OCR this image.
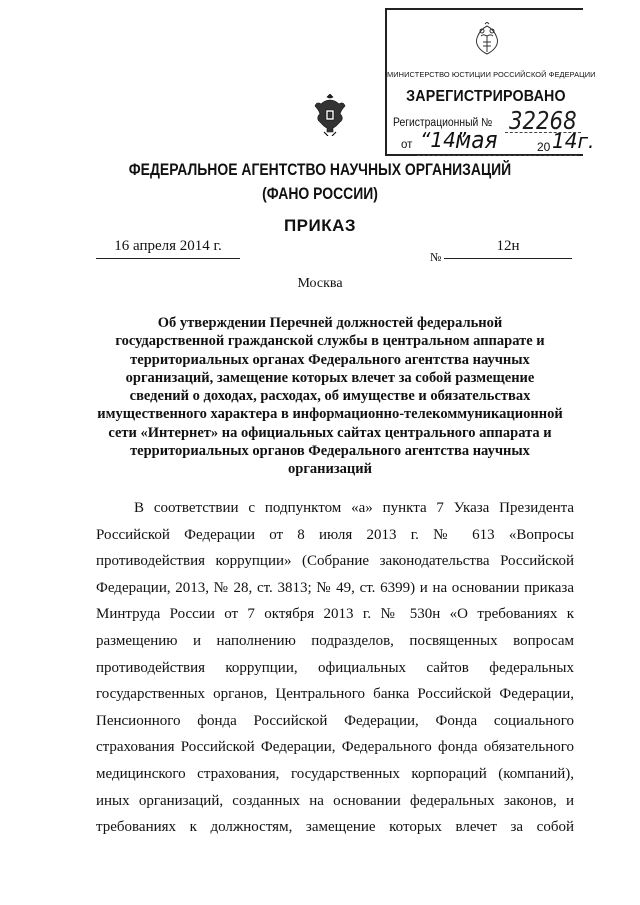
МИНИСТЕРСТВО ЮСТИЦИИ РОССИЙСКОЙ ФЕДЕРАЦИИ
ЗАРЕГИСТРИРОВАНО
Регистрационный № 32268
от “14”
мая	20 14г.
ФЕДЕРАЛЬНОЕ АГЕНТСТВО НАУЧНЫХ ОРГАНИЗАЦИЙ
(ФАНО РОССИИ)
ПРИКАЗ
16 апреля 2014 г.
№
12н
Москва
Об утверждении Перечней должностей федеральной
государственной гражданской службы в центральном аппарате и
территориальных органах Федерального агентства научных
организаций, замещение которых влечет за собой размещение
сведений о доходах, расходах, об имуществе и обязательствах
имущественного характера в информационно-телекоммуникационной
сети «Интернет» на официальных сайтах центрального аппарата и
территориальных органов Федерального агентства научных
организаций
В соответствии с подпунктом «а» пункта 7 Указа Президента
Российской Федерации от 8 июля 2013 г. № 613 «Вопросы
противодействия коррупции» (Собрание законодательства Российской
Федерации, 2013, № 28, ст. 3813; № 49, ст. 6399) и на основании приказа
Минтруда России от 7 октября 2013 г. № 530н «О требованиях к
размещению и наполнению подразделов, посвященных вопросам
противодействия коррупции, официальных сайтов федеральных
государственных органов, Центрального банка Российской Федерации,
Пенсионного фонда Российской Федерации, Фонда социального
страхования Российской Федерации, Федерального фонда обязательного
медицинского страхования, государственных корпораций (компаний),
иных организаций, созданных на основании федеральных законов, и
требованиях к должностям, замещение которых влечет за собой
